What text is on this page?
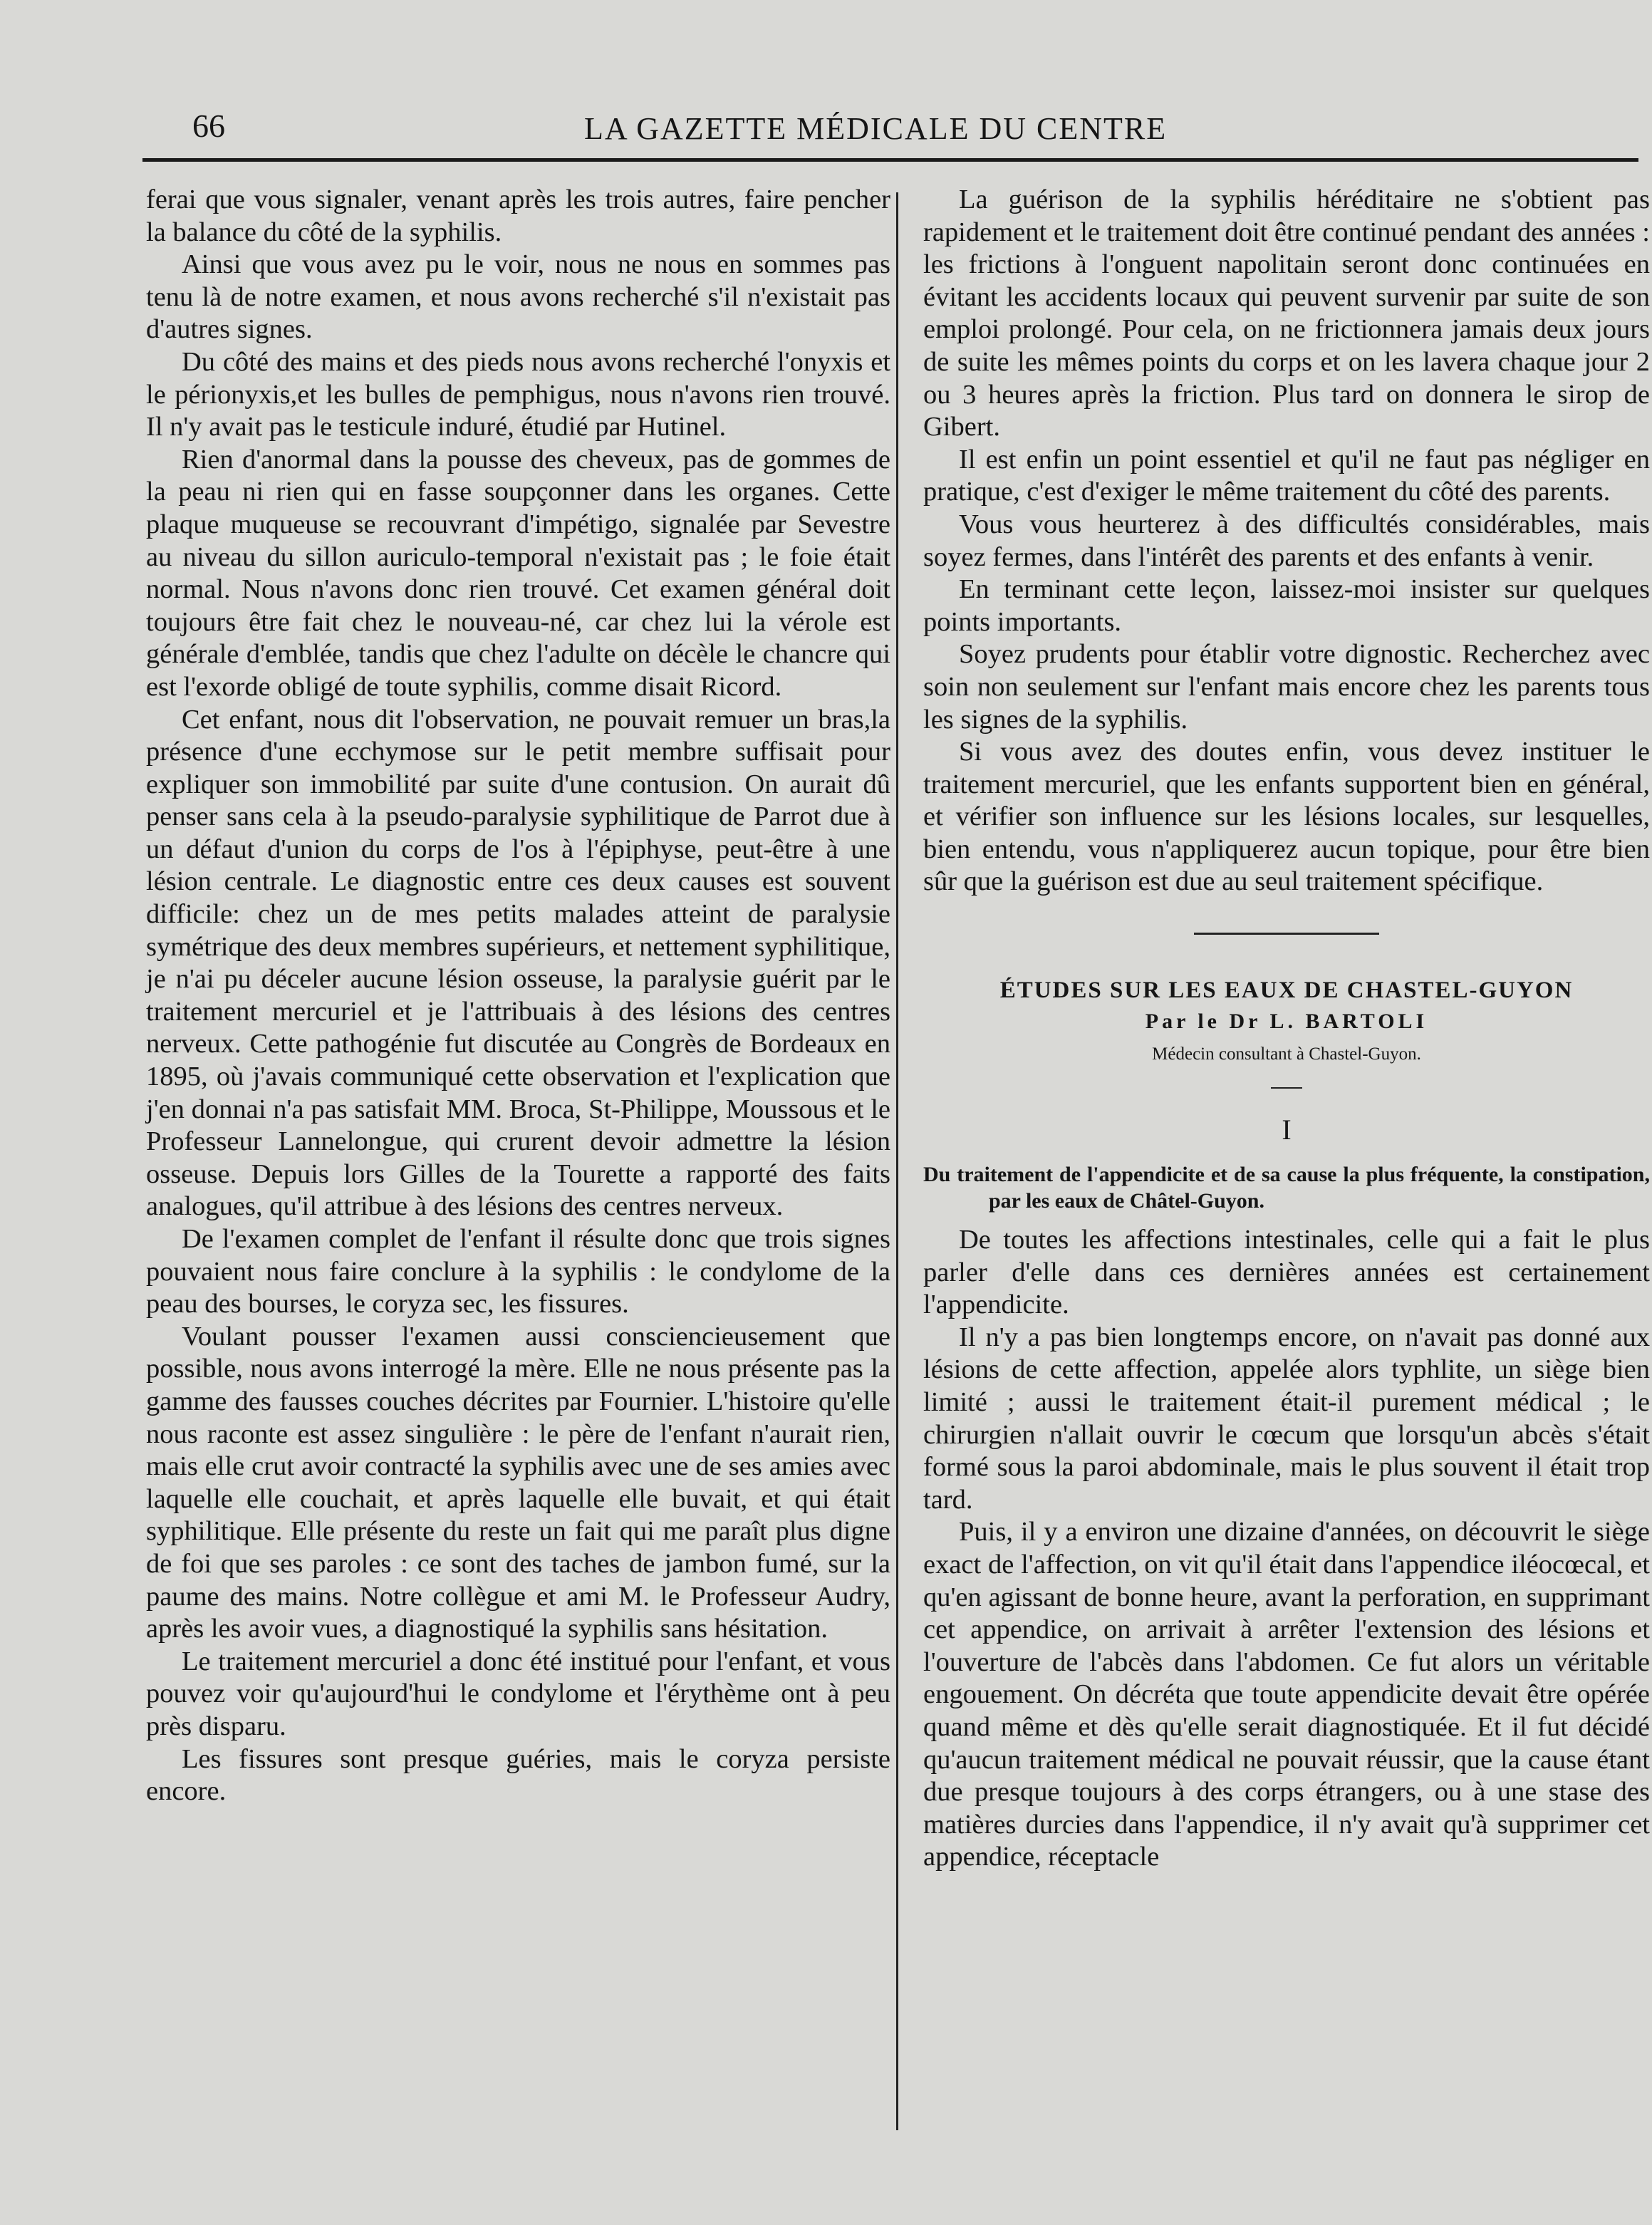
66	LA GAZETTE MÉDICALE DU CENTRE

ferai que vous signaler, venant après les trois autres, faire pencher la balance du côté de la syphilis.

Ainsi que vous avez pu le voir, nous ne nous en sommes pas tenu là de notre examen, et nous avons recherché s'il n'existait pas d'autres signes.

Du côté des mains et des pieds nous avons recherché l'onyxis et le périonyxis,et les bulles de pemphigus, nous n'avons rien trouvé. Il n'y avait pas le testicule induré, étudié par Hutinel.

Rien d'anormal dans la pousse des cheveux, pas de gommes de la peau ni rien qui en fasse soupçonner dans les organes. Cette plaque muqueuse se recouvrant d'impétigo, signalée par Sevestre au niveau du sillon auriculo-temporal n'existait pas ; le foie était normal. Nous n'avons donc rien trouvé. Cet examen général doit toujours être fait chez le nouveau-né, car chez lui la vérole est générale d'emblée, tandis que chez l'adulte on décèle le chancre qui est l'exorde obligé de toute syphilis, comme disait Ricord.

Cet enfant, nous dit l'observation, ne pouvait remuer un bras,la présence d'une ecchymose sur le petit membre suffisait pour expliquer son immobilité par suite d'une contusion. On aurait dû penser sans cela à la pseudo-paralysie syphilitique de Parrot due à un défaut d'union du corps de l'os à l'épiphyse, peut-être à une lésion centrale. Le diagnostic entre ces deux causes est souvent difficile: chez un de mes petits malades atteint de paralysie symétrique des deux membres supérieurs, et nettement syphilitique, je n'ai pu déceler aucune lésion osseuse, la paralysie guérit par le traitement mercuriel et je l'attribuais à des lésions des centres nerveux. Cette pathogénie fut discutée au Congrès de Bordeaux en 1895, où j'avais communiqué cette observation et l'explication que j'en donnai n'a pas satisfait MM. Broca, St-Philippe, Moussous et le Professeur Lannelongue, qui crurent devoir admettre la lésion osseuse. Depuis lors Gilles de la Tourette a rapporté des faits analogues, qu'il attribue à des lésions des centres nerveux.

De l'examen complet de l'enfant il résulte donc que trois signes pouvaient nous faire conclure à la syphilis : le condylome de la peau des bourses, le coryza sec, les fissures.

Voulant pousser l'examen aussi consciencieusement que possible, nous avons interrogé la mère. Elle ne nous présente pas la gamme des fausses couches décrites par Fournier. L'histoire qu'elle nous raconte est assez singulière : le père de l'enfant n'aurait rien, mais elle crut avoir contracté la syphilis avec une de ses amies avec laquelle elle couchait, et après laquelle elle buvait, et qui était syphilitique. Elle présente du reste un fait qui me paraît plus digne de foi que ses paroles : ce sont des taches de jambon fumé, sur la paume des mains. Notre collègue et ami M. le Professeur Audry, après les avoir vues, a diagnostiqué la syphilis sans hésitation.

Le traitement mercuriel a donc été institué pour l'enfant, et vous pouvez voir qu'aujourd'hui le condylome et l'érythème ont à peu près disparu.

Les fissures sont presque guéries, mais le coryza persiste encore.

La guérison de la syphilis héréditaire ne s'obtient pas rapidement et le traitement doit être continué pendant des années : les frictions à l'onguent napolitain seront donc continuées en évitant les accidents locaux qui peuvent survenir par suite de son emploi prolongé. Pour cela, on ne frictionnera jamais deux jours de suite les mêmes points du corps et on les lavera chaque jour 2 ou 3 heures après la friction. Plus tard on donnera le sirop de Gibert.

Il est enfin un point essentiel et qu'il ne faut pas négliger en pratique, c'est d'exiger le même traitement du côté des parents.

Vous vous heurterez à des difficultés considérables, mais soyez fermes, dans l'intérêt des parents et des enfants à venir.

En terminant cette leçon, laissez-moi insister sur quelques points importants.

Soyez prudents pour établir votre dignostic. Recherchez avec soin non seulement sur l'enfant mais encore chez les parents tous les signes de la syphilis.

Si vous avez des doutes enfin, vous devez instituer le traitement mercuriel, que les enfants supportent bien en général, et vérifier son influence sur les lésions locales, sur lesquelles, bien entendu, vous n'appliquerez aucun topique, pour être bien sûr que la guérison est due au seul traitement spécifique.

ÉTUDES SUR LES EAUX DE CHASTEL-GUYON
Par le Dr L. BARTOLI
Médecin consultant à Chastel-Guyon.
I
Du traitement de l'appendicite et de sa cause la plus fréquente, la constipation, par les eaux de Châtel-Guyon.

De toutes les affections intestinales, celle qui a fait le plus parler d'elle dans ces dernières années est certainement l'appendicite.

Il n'y a pas bien longtemps encore, on n'avait pas donné aux lésions de cette affection, appelée alors typhlite, un siège bien limité ; aussi le traitement était-il purement médical ; le chirurgien n'allait ouvrir le cœcum que lorsqu'un abcès s'était formé sous la paroi abdominale, mais le plus souvent il était trop tard.

Puis, il y a environ une dizaine d'années, on découvrit le siège exact de l'affection, on vit qu'il était dans l'appendice iléocœcal, et qu'en agissant de bonne heure, avant la perforation, en supprimant cet appendice, on arrivait à arrêter l'extension des lésions et l'ouverture de l'abcès dans l'abdomen. Ce fut alors un véritable engouement. On décréta que toute appendicite devait être opérée quand même et dès qu'elle serait diagnostiquée. Et il fut décidé qu'aucun traitement médical ne pouvait réussir, que la cause étant due presque toujours à des corps étrangers, ou à une stase des matières durcies dans l'appendice, il n'y avait qu'à supprimer cet appendice, réceptacle
